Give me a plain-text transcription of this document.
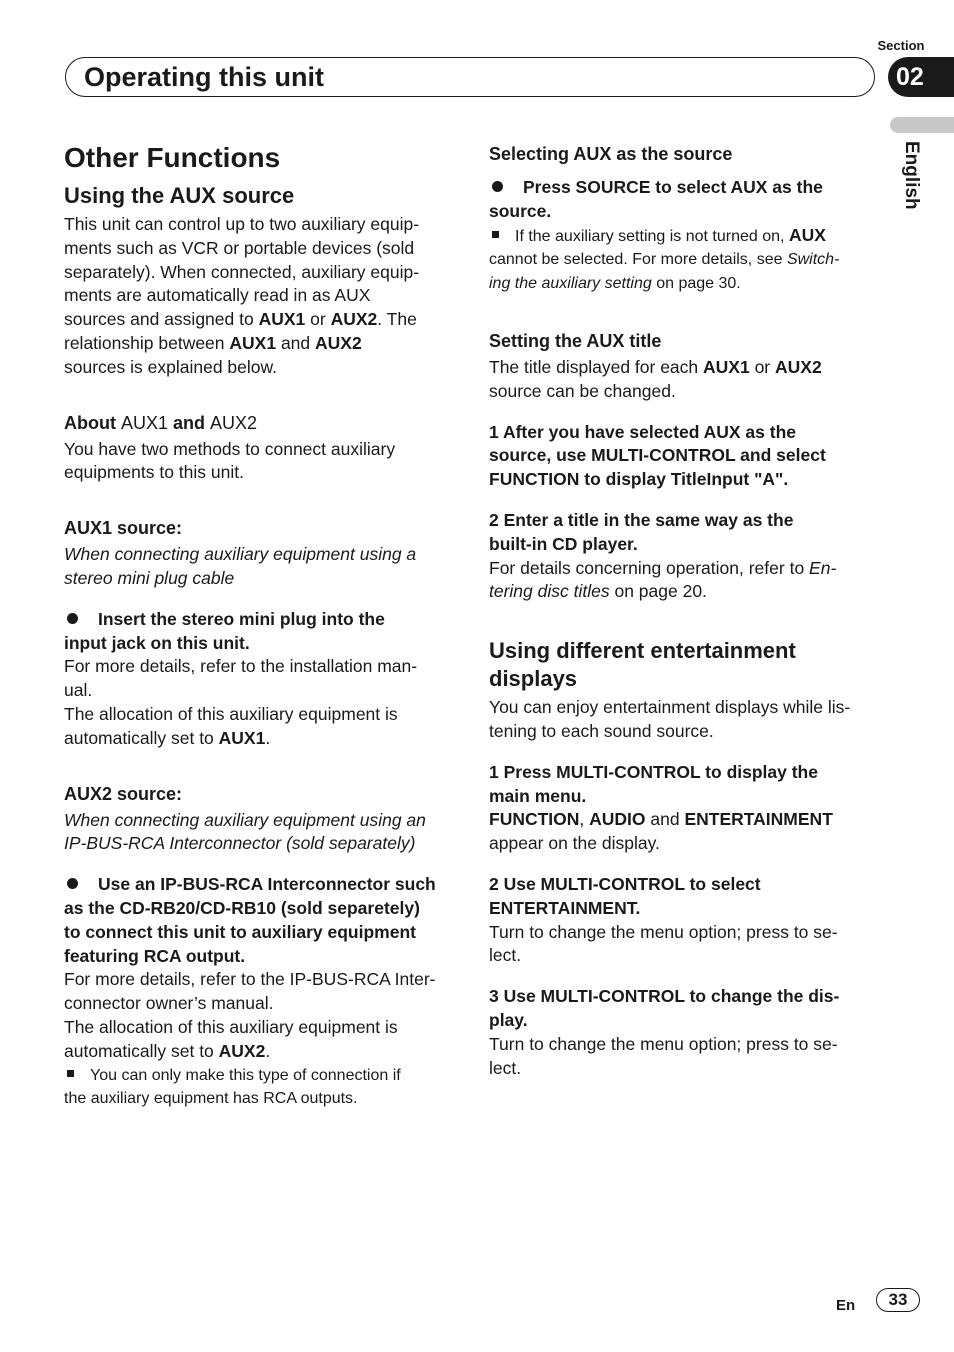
Section
02
Operating this unit
English
Other Functions
Using the AUX source

This unit can control up to two auxiliary equip-
ments such as VCR or portable devices (sold
separately). When connected, auxiliary equip-
ments are automatically read in as AUX
sources and assigned to AUX1 or AUX2. The
relationship between AUX1 and AUX2
sources is explained below.

About AUX1 and AUX2

You have two methods to connect auxiliary
equipments to this unit.

AUX1 source:

When connecting auxiliary equipment using a
stereo mini plug cable

Insert the stereo mini plug into the
input jack on this unit.

For more details, refer to the installation man-
ual.
The allocation of this auxiliary equipment is
automatically set to AUX1.

AUX2 source:

When connecting auxiliary equipment using an
IP-BUS-RCA Interconnector (sold separately)

Use an IP-BUS-RCA Interconnector such
as the CD-RB20/CD-RB10 (sold separetely)
to connect this unit to auxiliary equipment
featuring RCA output.

For more details, refer to the IP-BUS-RCA Inter-
connector owner’s manual.
The allocation of this auxiliary equipment is
automatically set to AUX2.

You can only make this type of connection if
the auxiliary equipment has RCA outputs.

Selecting AUX as the source

Press SOURCE to select AUX as the
source.

If the auxiliary setting is not turned on, AUX
cannot be selected. For more details, see Switch-
ing the auxiliary setting on page 30.

Setting the AUX title

The title displayed for each AUX1 or AUX2
source can be changed.

1 After you have selected AUX as the
source, use MULTI-CONTROL and select
FUNCTION to display TitleInput "A".

2 Enter a title in the same way as the
built-in CD player.

For details concerning operation, refer to En-
tering disc titles on page 20.

Using different entertainment
displays

You can enjoy entertainment displays while lis-
tening to each sound source.

1 Press MULTI-CONTROL to display the
main menu.

FUNCTION, AUDIO and ENTERTAINMENT
appear on the display.

2 Use MULTI-CONTROL to select
ENTERTAINMENT.

Turn to change the menu option; press to se-
lect.

3 Use MULTI-CONTROL to change the dis-
play.

Turn to change the menu option; press to se-
lect.

En	33
